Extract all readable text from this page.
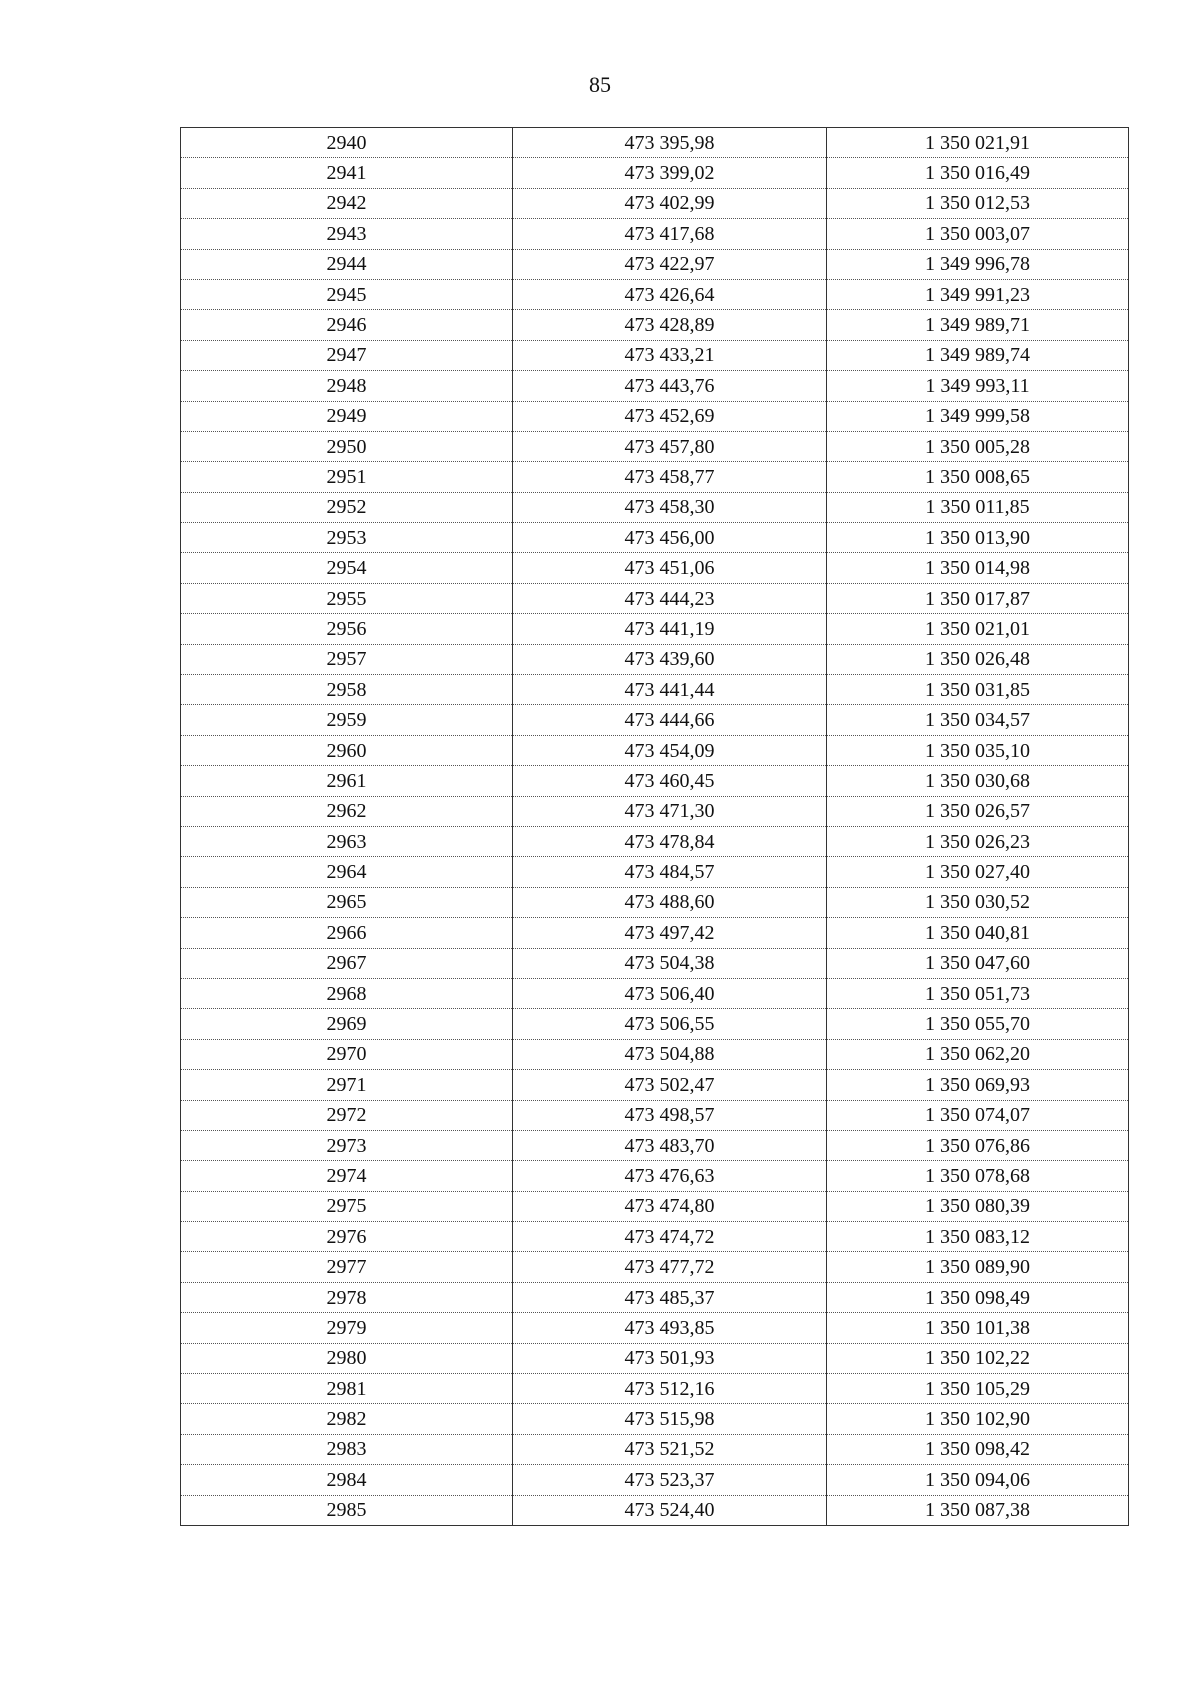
85
2940	473 395,98	1 350 021,91
2941	473 399,02	1 350 016,49
2942	473 402,99	1 350 012,53
2943	473 417,68	1 350 003,07
2944	473 422,97	1 349 996,78
2945	473 426,64	1 349 991,23
2946	473 428,89	1 349 989,71
2947	473 433,21	1 349 989,74
2948	473 443,76	1 349 993,11
2949	473 452,69	1 349 999,58
2950	473 457,80	1 350 005,28
2951	473 458,77	1 350 008,65
2952	473 458,30	1 350 011,85
2953	473 456,00	1 350 013,90
2954	473 451,06	1 350 014,98
2955	473 444,23	1 350 017,87
2956	473 441,19	1 350 021,01
2957	473 439,60	1 350 026,48
2958	473 441,44	1 350 031,85
2959	473 444,66	1 350 034,57
2960	473 454,09	1 350 035,10
2961	473 460,45	1 350 030,68
2962	473 471,30	1 350 026,57
2963	473 478,84	1 350 026,23
2964	473 484,57	1 350 027,40
2965	473 488,60	1 350 030,52
2966	473 497,42	1 350 040,81
2967	473 504,38	1 350 047,60
2968	473 506,40	1 350 051,73
2969	473 506,55	1 350 055,70
2970	473 504,88	1 350 062,20
2971	473 502,47	1 350 069,93
2972	473 498,57	1 350 074,07
2973	473 483,70	1 350 076,86
2974	473 476,63	1 350 078,68
2975	473 474,80	1 350 080,39
2976	473 474,72	1 350 083,12
2977	473 477,72	1 350 089,90
2978	473 485,37	1 350 098,49
2979	473 493,85	1 350 101,38
2980	473 501,93	1 350 102,22
2981	473 512,16	1 350 105,29
2982	473 515,98	1 350 102,90
2983	473 521,52	1 350 098,42
2984	473 523,37	1 350 094,06
2985	473 524,40	1 350 087,38
